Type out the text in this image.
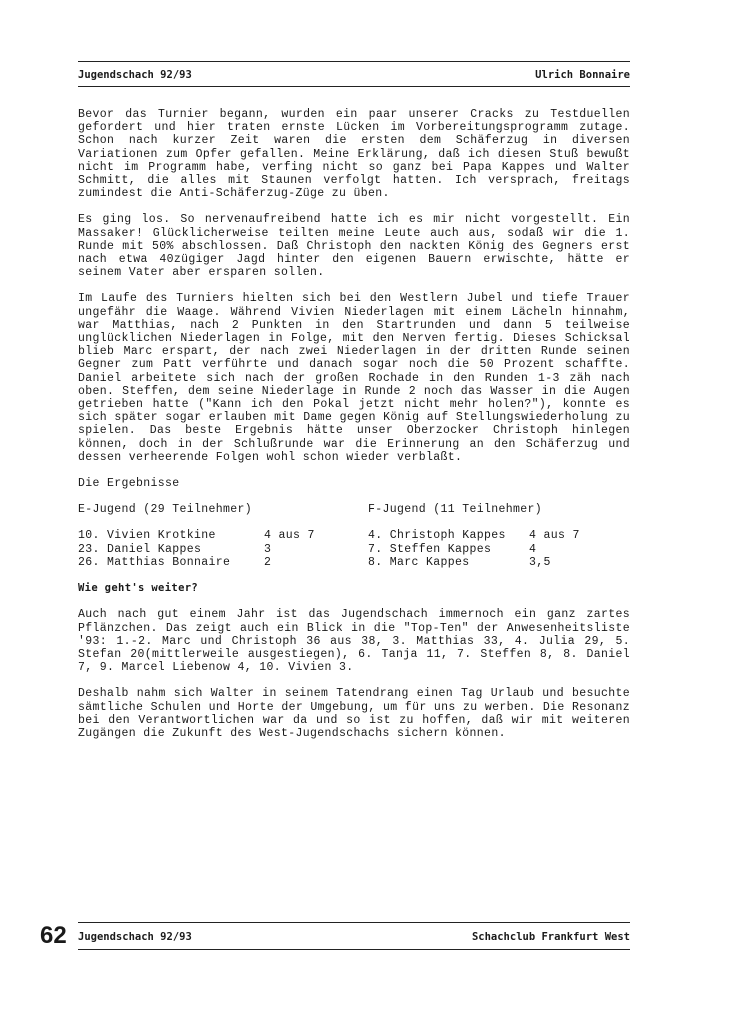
Jugendschach 92/93	Ulrich Bonnaire

Bevor das Turnier begann, wurden ein paar unserer Cracks zu Testduellen gefordert und hier traten ernste Lücken im Vorbereitungsprogramm zutage. Schon nach kurzer Zeit waren die ersten dem Schäferzug in diversen Variationen zum Opfer gefallen. Meine Erklärung, daß ich diesen Stuß bewußt nicht im Programm habe, verfing nicht so ganz bei Papa Kappes und Walter Schmitt, die alles mit Staunen verfolgt hatten. Ich versprach, freitags zumindest die Anti-Schäferzug-Züge zu üben.

Es ging los. So nervenaufreibend hatte ich es mir nicht vorgestellt. Ein Massaker! Glücklicherweise teilten meine Leute auch aus, sodaß wir die 1. Runde mit 50% abschlossen. Daß Christoph den nackten König des Gegners erst nach etwa 40zügiger Jagd hinter den eigenen Bauern erwischte, hätte er seinem Vater aber ersparen sollen.

Im Laufe des Turniers hielten sich bei den Westlern Jubel und tiefe Trauer ungefähr die Waage. Während Vivien Niederlagen mit einem Lächeln hinnahm, war Matthias, nach 2 Punkten in den Startrunden und dann 5 teilweise unglücklichen Niederlagen in Folge, mit den Nerven fertig. Dieses Schicksal blieb Marc erspart, der nach zwei Niederlagen in der dritten Runde seinen Gegner zum Patt verführte und danach sogar noch die 50 Prozent schaffte. Daniel arbeitete sich nach der großen Rochade in den Runden 1-3 zäh nach oben. Steffen, dem seine Niederlage in Runde 2 noch das Wasser in die Augen getrieben hatte ("Kann ich den Pokal jetzt nicht mehr holen?"), konnte es sich später sogar erlauben mit Dame gegen König auf Stellungswiederholung zu spielen. Das beste Ergebnis hätte unser Oberzocker Christoph hinlegen können, doch in der Schlußrunde war die Erinnerung an den Schäferzug und dessen verheerende Folgen wohl schon wieder verblaßt.

Die Ergebnisse

E-Jugend (29 Teilnehmer)	F-Jugend (11 Teilnehmer)
10. Vivien Krotkine	4 aus 7	4. Christoph Kappes	4 aus 7
23. Daniel Kappes	3	7. Steffen Kappes	4
26. Matthias Bonnaire	2	8. Marc Kappes	3,5
Wie geht's weiter?

Auch nach gut einem Jahr ist das Jugendschach immernoch ein ganz zartes Pflänzchen. Das zeigt auch ein Blick in die "Top-Ten" der Anwesenheitsliste '93: 1.-2. Marc und Christoph 36 aus 38, 3. Matthias 33, 4. Julia 29, 5. Stefan 20(mittlerweile ausgestiegen), 6. Tanja 11, 7. Steffen 8, 8. Daniel 7, 9. Marcel Liebenow 4, 10. Vivien 3.

Deshalb nahm sich Walter in seinem Tatendrang einen Tag Urlaub und besuchte sämtliche Schulen und Horte der Umgebung, um für uns zu werben. Die Resonanz bei den Verantwortlichen war da und so ist zu hoffen, daß wir mit weiteren Zugängen die Zukunft des West-Jugendschachs sichern können.

62 Jugendschach 92/93	Schachclub Frankfurt West
